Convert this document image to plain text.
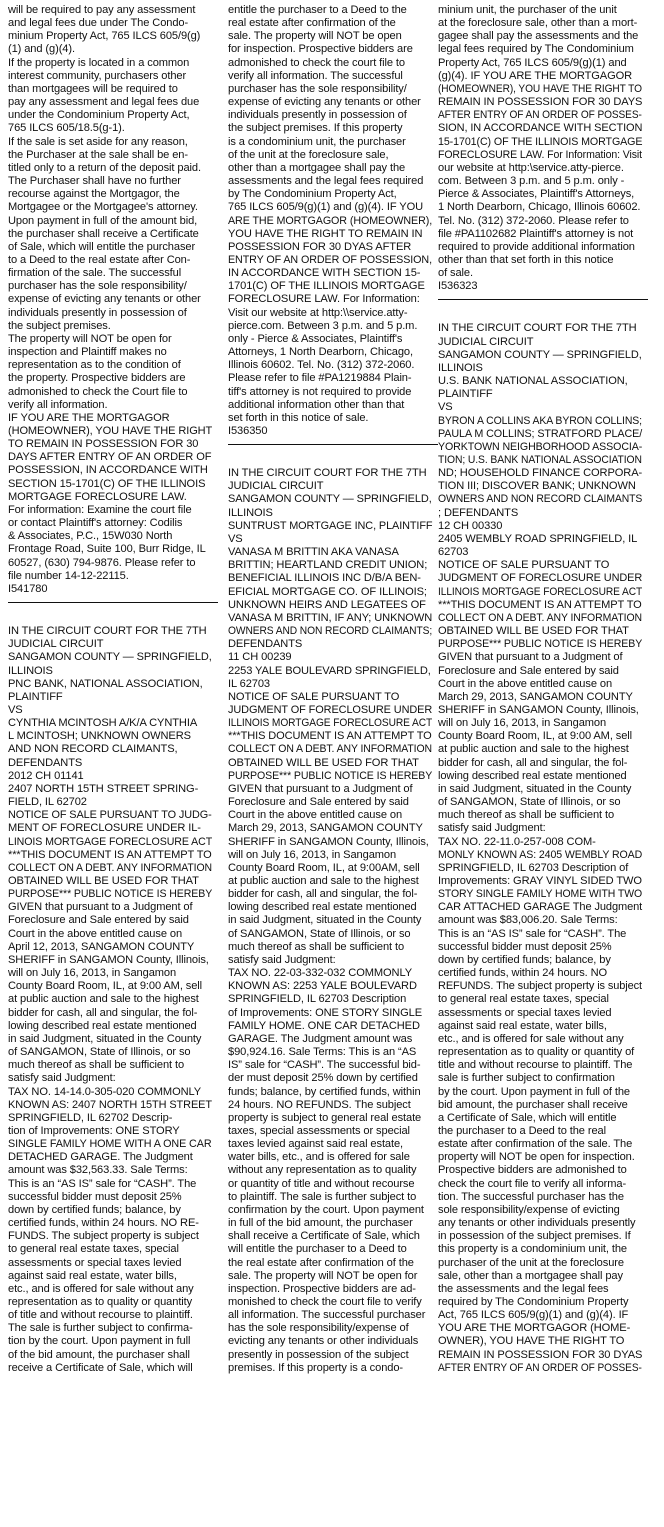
will be required to pay any assessment
and legal fees due under The Condo-
minium Property Act, 765 ILCS 605/9(g)
(1) and (g)(4).
If the property is located in a common
interest community, purchasers other
than mortgagees will be required to
pay any assessment and legal fees due
under the Condominium Property Act,
765 ILCS 605/18.5(g-1).
If the sale is set aside for any reason,
the Purchaser at the sale shall be en-
titled only to a return of the deposit paid.
The Purchaser shall have no further
recourse against the Mortgagor, the
Mortgagee or the Mortgagee's attorney.
Upon payment in full of the amount bid,
the purchaser shall receive a Certificate
of Sale, which will entitle the purchaser
to a Deed to the real estate after Con-
firmation of the sale. The successful
purchaser has the sole responsibility/
expense of evicting any tenants or other
individuals presently in possession of
the subject premises.
The property will NOT be open for
inspection and Plaintiff makes no
representation as to the condition of
the property. Prospective bidders are
admonished to check the Court file to
verify all information.
IF YOU ARE THE MORTGAGOR
(HOMEOWNER), YOU HAVE THE RIGHT
TO REMAIN IN POSSESSION FOR 30
DAYS AFTER ENTRY OF AN ORDER OF
POSSESSION, IN ACCORDANCE WITH
SECTION 15-1701(C) OF THE ILLINOIS
MORTGAGE FORECLOSURE LAW.
For information: Examine the court file
or contact Plaintiff's attorney: Codilis
& Associates, P.C., 15W030 North
Frontage Road, Suite 100, Burr Ridge, IL
60527, (630) 794-9876. Please refer to
file number 14-12-22115.
I541780
IN THE CIRCUIT COURT FOR THE 7TH
JUDICIAL CIRCUIT
SANGAMON COUNTY — SPRINGFIELD,
ILLINOIS
PNC BANK, NATIONAL ASSOCIATION,
PLAINTIFF
VS
CYNTHIA MCINTOSH A/K/A CYNTHIA
L MCINTOSH; UNKNOWN OWNERS
AND NON RECORD CLAIMANTS,
DEFENDANTS
2012 CH 01141
2407 NORTH 15TH STREET SPRING-
FIELD, IL 62702
NOTICE OF SALE PURSUANT TO JUDG-
MENT OF FORECLOSURE UNDER IL-
LINOIS MORTGAGE FORECLOSURE ACT
***THIS DOCUMENT IS AN ATTEMPT TO
COLLECT ON A DEBT. ANY INFORMATION
OBTAINED WILL BE USED FOR THAT
PURPOSE*** PUBLIC NOTICE IS HEREBY
GIVEN that pursuant to a Judgment of
Foreclosure and Sale entered by said
Court in the above entitled cause on
April 12, 2013, SANGAMON COUNTY
SHERIFF in SANGAMON County, Illinois,
will on July 16, 2013, in Sangamon
County Board Room, IL, at 9:00 AM, sell
at public auction and sale to the highest
bidder for cash, all and singular, the fol-
lowing described real estate mentioned
in said Judgment, situated in the County
of SANGAMON, State of Illinois, or so
much thereof as shall be sufficient to
satisfy said Judgment:
TAX NO. 14-14.0-305-020 COMMONLY
KNOWN AS: 2407 NORTH 15TH STREET
SPRINGFIELD, IL 62702 Descrip-
tion of Improvements: ONE STORY
SINGLE FAMILY HOME WITH A ONE CAR
DETACHED GARAGE. The Judgment
amount was $32,563.33. Sale Terms:
This is an “AS IS” sale for “CASH”. The
successful bidder must deposit 25%
down by certified funds; balance, by
certified funds, within 24 hours. NO RE-
FUNDS. The subject property is subject
to general real estate taxes, special
assessments or special taxes levied
against said real estate, water bills,
etc., and is offered for sale without any
representation as to quality or quantity
of title and without recourse to plaintiff.
The sale is further subject to confirma-
tion by the court. Upon payment in full
of the bid amount, the purchaser shall
receive a Certificate of Sale, which will
entitle the purchaser to a Deed to the
real estate after confirmation of the
sale. The property will NOT be open
for inspection. Prospective bidders are
admonished to check the court file to
verify all information. The successful
purchaser has the sole responsibility/
expense of evicting any tenants or other
individuals presently in possession of
the subject premises. If this property
is a condominium unit, the purchaser
of the unit at the foreclosure sale,
other than a mortgagee shall pay the
assessments and the legal fees required
by The Condominium Property Act,
765 ILCS 605/9(g)(1) and (g)(4). IF YOU
ARE THE MORTGAGOR (HOMEOWNER),
YOU HAVE THE RIGHT TO REMAIN IN
POSSESSION FOR 30 DYAS AFTER
ENTRY OF AN ORDER OF POSSESSION,
IN ACCORDANCE WITH SECTION 15-
1701(C) OF THE ILLINOIS MORTGAGE
FORECLOSURE LAW. For Information:
Visit our website at http:\\service.atty-
pierce.com. Between 3 p.m. and 5 p.m.
only - Pierce & Associates, Plaintiff's
Attorneys, 1 North Dearborn, Chicago,
Illinois 60602. Tel. No. (312) 372-2060.
Please refer to file #PA1219884 Plain-
tiff's attorney is not required to provide
additional information other than that
set forth in this notice of sale.
I536350
IN THE CIRCUIT COURT FOR THE 7TH
JUDICIAL CIRCUIT
SANGAMON COUNTY — SPRINGFIELD,
ILLINOIS
SUNTRUST MORTGAGE INC, PLAINTIFF
VS
VANASA M BRITTIN AKA VANASA
BRITTIN; HEARTLAND CREDIT UNION;
BENEFICIAL ILLINOIS INC D/B/A BEN-
EFICIAL MORTGAGE CO. OF ILLINOIS;
UNKNOWN HEIRS AND LEGATEES OF
VANASA M BRITTIN, IF ANY; UNKNOWN
OWNERS AND NON RECORD CLAIMANTS;
DEFENDANTS
11 CH 00239
2253 YALE BOULEVARD SPRINGFIELD,
IL 62703
NOTICE OF SALE PURSUANT TO
JUDGMENT OF FORECLOSURE UNDER
ILLINOIS MORTGAGE FORECLOSURE ACT
***THIS DOCUMENT IS AN ATTEMPT TO
COLLECT ON A DEBT. ANY INFORMATION
OBTAINED WILL BE USED FOR THAT
PURPOSE*** PUBLIC NOTICE IS HEREBY
GIVEN that pursuant to a Judgment of
Foreclosure and Sale entered by said
Court in the above entitled cause on
March 29, 2013, SANGAMON COUNTY
SHERIFF in SANGAMON County, Illinois,
will on July 16, 2013, in Sangamon
County Board Room, IL, at 9:00AM, sell
at public auction and sale to the highest
bidder for cash, all and singular, the fol-
lowing described real estate mentioned
in said Judgment, situated in the County
of SANGAMON, State of Illinois, or so
much thereof as shall be sufficient to
satisfy said Judgment:
TAX NO. 22-03-332-032 COMMONLY
KNOWN AS: 2253 YALE BOULEVARD
SPRINGFIELD, IL 62703 Description
of Improvements: ONE STORY SINGLE
FAMILY HOME. ONE CAR DETACHED
GARAGE. The Judgment amount was
$90,924.16. Sale Terms: This is an “AS
IS” sale for “CASH”. The successful bid-
der must deposit 25% down by certified
funds; balance, by certified funds, within
24 hours. NO REFUNDS. The subject
property is subject to general real estate
taxes, special assessments or special
taxes levied against said real estate,
water bills, etc., and is offered for sale
without any representation as to quality
or quantity of title and without recourse
to plaintiff. The sale is further subject to
confirmation by the court. Upon payment
in full of the bid amount, the purchaser
shall receive a Certificate of Sale, which
will entitle the purchaser to a Deed to
the real estate after confirmation of the
sale. The property will NOT be open for
inspection. Prospective bidders are ad-
monished to check the court file to verify
all information. The successful purchaser
has the sole responsibility/expense of
evicting any tenants or other individuals
presently in possession of the subject
premises. If this property is a condo-
minium unit, the purchaser of the unit
at the foreclosure sale, other than a mort-
gagee shall pay the assessments and the
legal fees required by The Condominium
Property Act, 765 ILCS 605/9(g)(1) and
(g)(4). IF YOU ARE THE MORTGAGOR
(HOMEOWNER), YOU HAVE THE RIGHT TO
REMAIN IN POSSESSION FOR 30 DAYS
AFTER ENTRY OF AN ORDER OF POSSES-
SION, IN ACCORDANCE WITH SECTION
15-1701(C) OF THE ILLINOIS MORTGAGE
FORECLOSURE LAW. For Information: Visit
our website at http:\service.atty-pierce.
com. Between 3 p.m. and 5 p.m. only -
Pierce & Associates, Plaintiff's Attorneys,
1 North Dearborn, Chicago, Illinois 60602.
Tel. No. (312) 372-2060. Please refer to
file #PA1102682 Plaintiff's attorney is not
required to provide additional information
other than that set forth in this notice
of sale.
I536323
IN THE CIRCUIT COURT FOR THE 7TH
JUDICIAL CIRCUIT
SANGAMON COUNTY — SPRINGFIELD,
ILLINOIS
U.S. BANK NATIONAL ASSOCIATION,
PLAINTIFF
VS
BYRON A COLLINS AKA BYRON COLLINS;
PAULA M COLLINS; STRATFORD PLACE/
YORKTOWN NEIGHBORHOOD ASSOCIA-
TION; U.S. BANK NATIONAL ASSOCIATION
ND; HOUSEHOLD FINANCE CORPORA-
TION III; DISCOVER BANK; UNKNOWN
OWNERS AND NON RECORD CLAIMANTS
; DEFENDANTS
12 CH 00330
2405 WEMBLY ROAD SPRINGFIELD, IL
62703
NOTICE OF SALE PURSUANT TO
JUDGMENT OF FORECLOSURE UNDER
ILLINOIS MORTGAGE FORECLOSURE ACT
***THIS DOCUMENT IS AN ATTEMPT TO
COLLECT ON A DEBT. ANY INFORMATION
OBTAINED WILL BE USED FOR THAT
PURPOSE*** PUBLIC NOTICE IS HEREBY
GIVEN that pursuant to a Judgment of
Foreclosure and Sale entered by said
Court in the above entitled cause on
March 29, 2013, SANGAMON COUNTY
SHERIFF in SANGAMON County, Illinois,
will on July 16, 2013, in Sangamon
County Board Room, IL, at 9:00 AM, sell
at public auction and sale to the highest
bidder for cash, all and singular, the fol-
lowing described real estate mentioned
in said Judgment, situated in the County
of SANGAMON, State of Illinois, or so
much thereof as shall be sufficient to
satisfy said Judgment:
TAX NO. 22-11.0-257-008 COM-
MONLY KNOWN AS: 2405 WEMBLY ROAD
SPRINGFIELD, IL 62703 Description of
Improvements: GRAY VINYL SIDED TWO
STORY SINGLE FAMILY HOME WITH TWO
CAR ATTACHED GARAGE The Judgment
amount was $83,006.20. Sale Terms:
This is an “AS IS” sale for “CASH”. The
successful bidder must deposit 25%
down by certified funds; balance, by
certified funds, within 24 hours. NO
REFUNDS. The subject property is subject
to general real estate taxes, special
assessments or special taxes levied
against said real estate, water bills,
etc., and is offered for sale without any
representation as to quality or quantity of
title and without recourse to plaintiff. The
sale is further subject to confirmation
by the court. Upon payment in full of the
bid amount, the purchaser shall receive
a Certificate of Sale, which will entitle
the purchaser to a Deed to the real
estate after confirmation of the sale. The
property will NOT be open for inspection.
Prospective bidders are admonished to
check the court file to verify all informa-
tion. The successful purchaser has the
sole responsibility/expense of evicting
any tenants or other individuals presently
in possession of the subject premises. If
this property is a condominium unit, the
purchaser of the unit at the foreclosure
sale, other than a mortgagee shall pay
the assessments and the legal fees
required by The Condominium Property
Act, 765 ILCS 605/9(g)(1) and (g)(4). IF
YOU ARE THE MORTGAGOR (HOME-
OWNER), YOU HAVE THE RIGHT TO
REMAIN IN POSSESSION FOR 30 DYAS
AFTER ENTRY OF AN ORDER OF POSSES-
